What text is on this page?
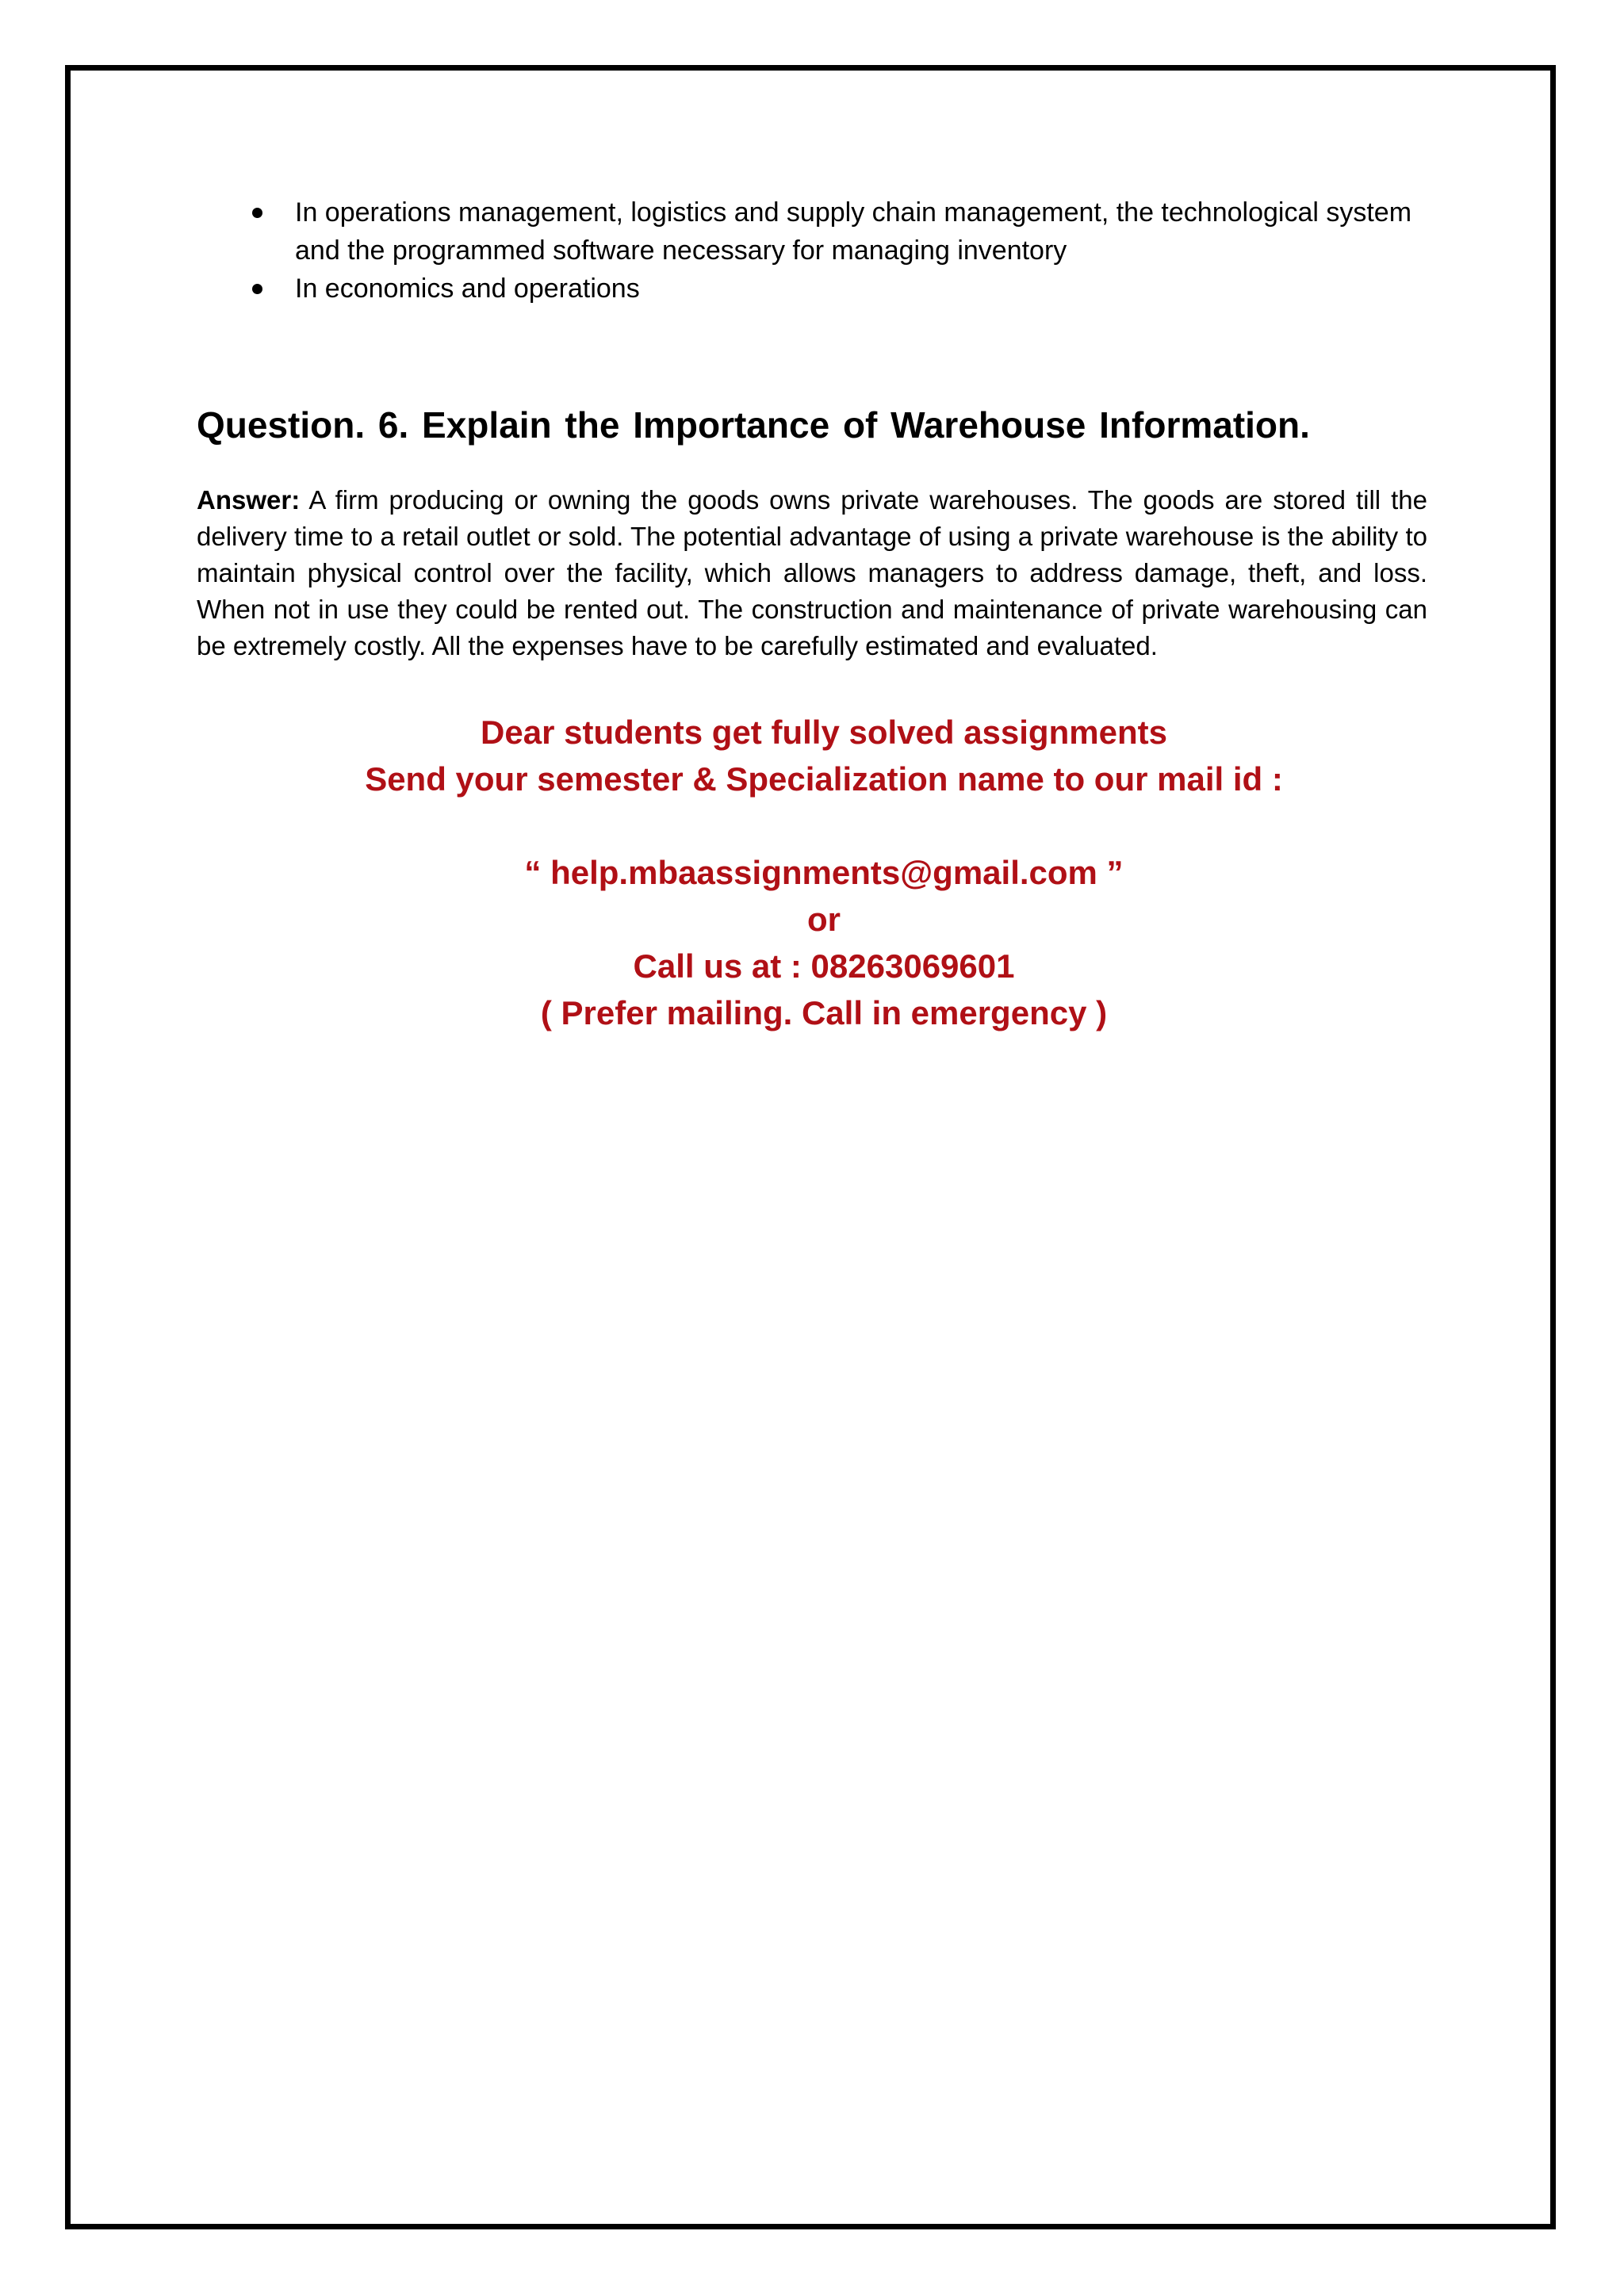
In operations management, logistics and supply chain management, the technological system and the programmed software necessary for managing inventory
In economics and operations
Question. 6. Explain the Importance of Warehouse Information.

Answer: A firm producing or owning the goods owns private warehouses. The goods are stored till the delivery time to a retail outlet or sold. The potential advantage of using a private warehouse is the ability to maintain physical control over the facility, which allows managers to address damage, theft, and loss. When not in use they could be rented out. The construction and maintenance of private warehousing can be extremely costly. All the expenses have to be carefully estimated and evaluated.

Dear students get fully solved assignments
Send your semester & Specialization name to our mail id :
“ help.mbaassignments@gmail.com ”
or
Call us at : 08263069601
( Prefer mailing. Call in emergency )
